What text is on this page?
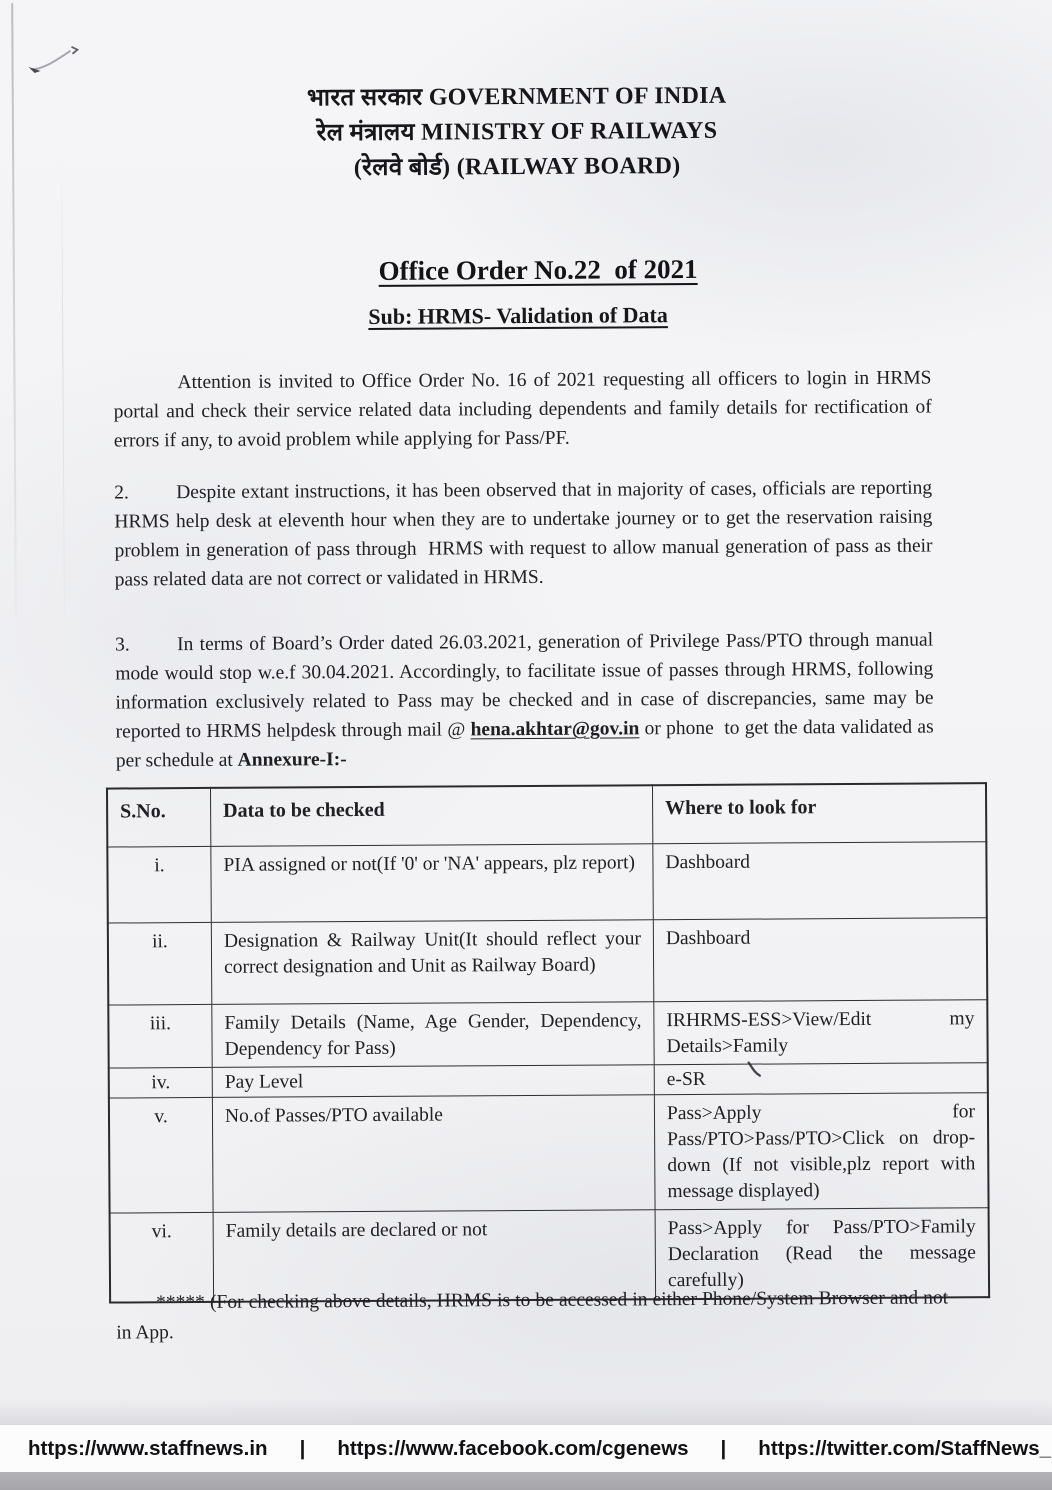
भारत सरकार GOVERNMENT OF INDIA
रेल मंत्रालय MINISTRY OF RAILWAYS
(रेलवे बोर्ड) (RAILWAY BOARD)

Office Order No.22  of 2021

Sub: HRMS- Validation of Data
Attention is invited to Office Order No. 16 of 2021 requesting all officers to login in HRMS portal and check their service related data including dependents and family details for rectification of errors if any, to avoid problem while applying for Pass/PF.
2. Despite extant instructions, it has been observed that in majority of cases, officials are reporting HRMS help desk at eleventh hour when they are to undertake journey or to get the reservation raising problem in generation of pass through  HRMS with request to allow manual generation of pass as their pass related data are not correct or validated in HRMS.
3. In terms of Board’s Order dated 26.03.2021, generation of Privilege Pass/PTO through manual mode would stop w.e.f 30.04.2021. Accordingly, to facilitate issue of passes through HRMS, following information exclusively related to Pass may be checked and in case of discrepancies, same may be reported to HRMS helpdesk through mail @ hena.akhtar@gov.in or phone  to get the data validated as per schedule at Annexure-I:-
S.No.	Data to be checked	Where to look for
i.	PIA assigned or not(If '0' or 'NA' appears, plz report)	Dashboard
ii.	Designation & Railway Unit(It should reflect your correct designation and Unit as Railway Board)	Dashboard
iii.	Family Details (Name, Age Gender, Dependency, Dependency for Pass)	IRHRMS-ESS>View/Edit my Details>Family
iv.	Pay Level	e-SR
v.	No.of Passes/PTO available	Pass>Apply for Pass/PTO>Pass/PTO>Click on drop-down (If not visible,plz report with message displayed)
vi.	Family details are declared or not	Pass>Apply for Pass/PTO>Family Declaration (Read the message carefully)
***** (For checking above details, HRMS is to be accessed in either Phone/System Browser and not in App.
https://www.staffnews.in | https://www.facebook.com/cgenews | https://twitter.com/StaffNews_
